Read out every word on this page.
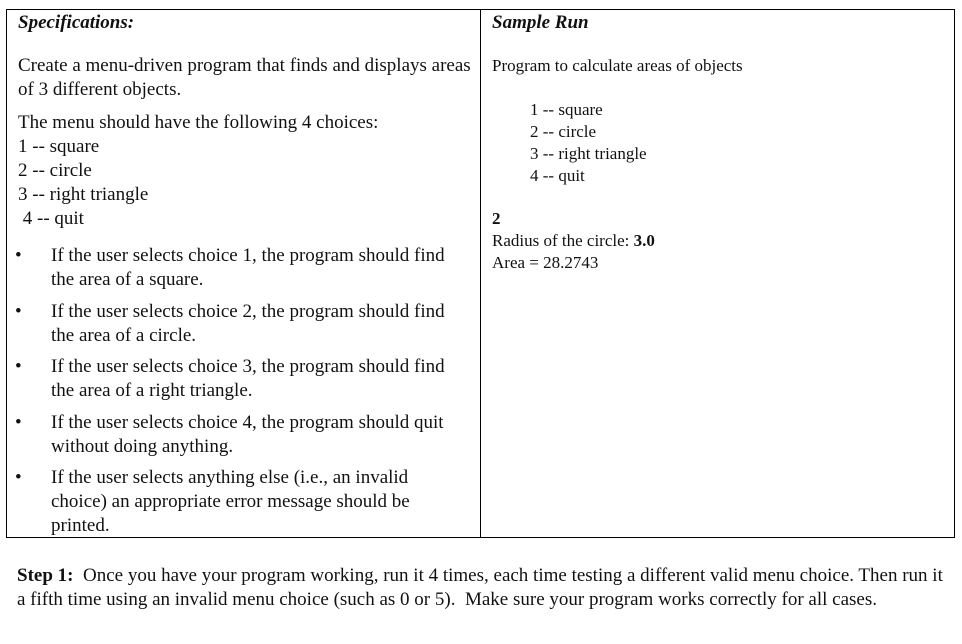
Specifications:
Create a menu-driven program that finds and displays areas of 3 different objects.
The menu should have the following 4 choices:
1 -- square
2 -- circle
3 -- right triangle
4 -- quit
• If the user selects choice 1, the program should find the area of a square.
• If the user selects choice 2, the program should find the area of a circle.
• If the user selects choice 3, the program should find the area of a right triangle.
• If the user selects choice 4, the program should quit without doing anything.
• If the user selects anything else (i.e., an invalid choice) an appropriate error message should be printed.
Sample Run
Program to calculate areas of objects
1 -- square
2 -- circle
3 -- right triangle
4 -- quit
2
Radius of the circle: 3.0
Area = 28.2743
Step 1:  Once you have your program working, run it 4 times, each time testing a different valid menu choice. Then run it a fifth time using an invalid menu choice (such as 0 or 5).  Make sure your program works correctly for all cases.
